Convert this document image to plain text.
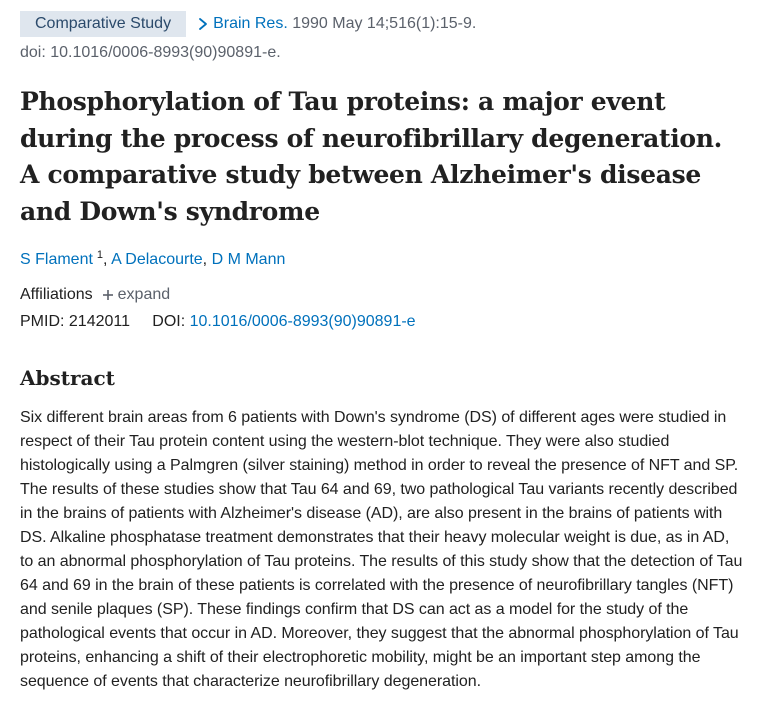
Comparative Study	Brain Res.
1990 May 14;516(1):15-9.
doi: 10.1016/0006-8993(90)90891-e.
Phosphorylation of Tau proteins: a major event during the process of neurofibrillary degeneration. A comparative study between Alzheimer's disease and Down's syndrome
S Flament $^1$, A Delacourte, D M Mann
Affiliations expand
PMID: 2142011 DOI: 10.1016/0006-8993(90)90891-e
Abstract

Six different brain areas from 6 patients with Down's syndrome (DS) of different ages were studied in respect of their Tau protein content using the western-blot technique. They were also studied histologically using a Palmgren (silver staining) method in order to reveal the presence of NFT and SP. The results of these studies show that Tau 64 and 69, two pathological Tau variants recently described in the brains of patients with Alzheimer's disease (AD), are also present in the brains of patients with DS. Alkaline phosphatase treatment demonstrates that their heavy molecular weight is due, as in AD, to an abnormal phosphorylation of Tau proteins. The results of this study show that the detection of Tau 64 and 69 in the brain of these patients is correlated with the presence of neurofibrillary tangles (NFT) and senile plaques (SP). These findings confirm that DS can act as a model for the study of the pathological events that occur in AD. Moreover, they suggest that the abnormal phosphorylation of Tau proteins, enhancing a shift of their electrophoretic mobility, might be an important step among the sequence of events that characterize neurofibrillary degeneration.
